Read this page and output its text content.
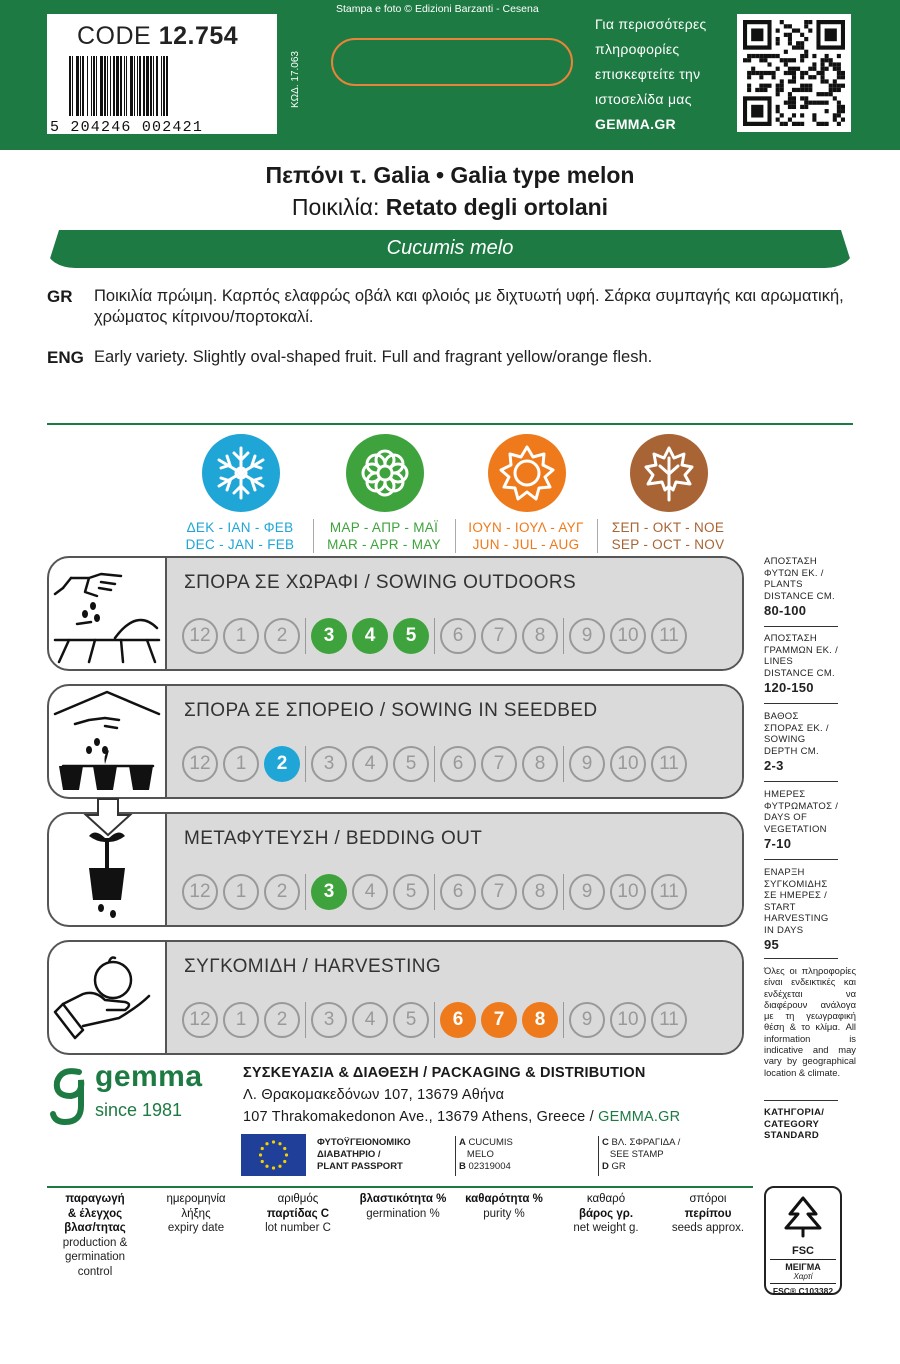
CODE 12.754
5 204246 002421
ΚΩΔ. 17.063
Stampa e foto © Edizioni Barzanti - Cesena
Για περισσότερες
πληροφορίες
επισκεφτείτε την
ιστοσελίδα μας
GEMMA.GR
Πεπόνι τ. Galia • Galia type melon
Ποικιλία: Retato degli ortolani
Cucumis melo
GR Ποικιλία πρώιμη. Καρπός ελαφρώς οβάλ και φλοιός με διχτυωτή υφή. Σάρκα συμπαγής και αρωματική, χρώματος κίτρινου/πορτοκαλί.
ENG Early variety. Slightly oval-shaped fruit. Full and fragrant yellow/orange flesh.
ΔΕΚ - ΙΑΝ - ΦΕΒ
DEC - JAN - FEB
ΜΑΡ - ΑΠΡ - ΜΑΪ
MAR - APR - MAY
ΙΟΥΝ - ΙΟΥΛ - ΑΥΓ
JUN - JUL - AUG
ΣΕΠ - ΟΚΤ - ΝΟΕ
SEP - OCT - NOV
ΣΠΟΡΑ ΣΕ ΧΩΡΑΦΙ / SOWING OUTDOORS
12	1	2	3	4	5	6	7	8	9	10	11
ΣΠΟΡΑ ΣΕ ΣΠΟΡΕΙΟ / SOWING IN SEEDBED
12	1	2	3	4	5	6	7	8	9	10	11
ΜΕΤΑΦΥΤΕΥΣΗ / BEDDING OUT
12	1	2	3	4	5	6	7	8	9	10	11
ΣΥΓΚΟΜΙΔΗ / HARVESTING
12	1	2	3	4	5	6	7	8	9	10	11
ΑΠΟΣΤΑΣΗ
ΦΥΤΩΝ ΕΚ. /
PLANTS
DISTANCE CM.
80-100
ΑΠΟΣΤΑΣΗ
ΓΡΑΜΜΩΝ ΕΚ. /
LINES
DISTANCE CM.
120-150
ΒΑΘΟΣ
ΣΠΟΡΑΣ ΕΚ. /
SOWING
DEPTH CM.
2-3
ΗΜΕΡΕΣ
ΦΥΤΡΩΜΑΤΟΣ /
DAYS OF
VEGETATION
7-10
ΕΝΑΡΞΗ
ΣΥΓΚΟΜΙΔΗΣ
ΣΕ ΗΜΕΡΕΣ /
START
HARVESTING
IN DAYS
95
Όλες οι πληροφορίες είναι ενδεικτικές και ενδέχεται να διαφέρουν ανάλογα με τη γεωγραφική θέση & το κλίμα. All information is indicative and may vary by geographical location & climate.
gemma
since 1981
ΣΥΣΚΕΥΑΣΙΑ & ΔΙΑΘΕΣΗ / PACKAGING & DISTRIBUTION
Λ. Θρακομακεδόνων 107, 13679 Αθήνα
107 Thrakomakedonon Ave., 13679 Athens, Greece / GEMMA.GR
ΦΥΤΟΫΓΕΙΟΝΟΜΙΚΟ
ΔΙΑΒΑΤΗΡΙΟ /
PLANT PASSPORT
A CUCUMIS
MELO
B 02319004
C ΒΛ. ΣΦΡΑΓΙΔΑ /
SEE STAMP
D GR
ΚΑΤΗΓΟΡΙΑ/
CATEGORY
STANDARD
παραγωγή
& έλεγχος
βλασ/τητας
production &
germination
control
ημερομηνία
λήξης
expiry date
αριθμός
παρτίδας C
lot number C
βλαστικότητα %
germination %
καθαρότητα %
purity %
καθαρό
βάρος γρ.
net weight g.
σπόροι
περίπου
seeds approx.
FSC
ΜΕΙΓΜΑ
Χαρτί
FSC® C103382
